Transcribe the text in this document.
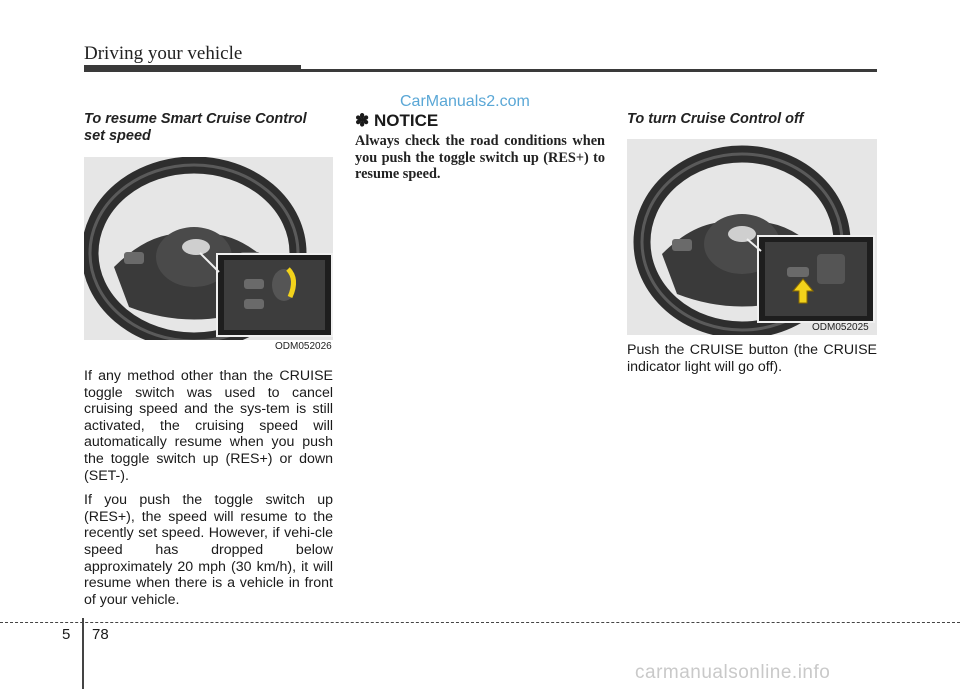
Driving your vehicle
CarManuals2.com
To resume Smart Cruise Control set speed
ODM052026

If any method other than the CRUISE toggle switch was used to cancel cruising speed and the sys-tem is still activated, the cruising speed will automatically resume when you push the toggle switch up (RES+) or down (SET-).

If you push the toggle switch up (RES+), the speed will resume to the recently set speed. However, if vehi-cle speed has dropped below approximately 20 mph (30 km/h), it will resume when there is a vehicle in front of your vehicle.

✽ NOTICE
Always check the road conditions when you push the toggle switch up (RES+) to resume speed.
To turn Cruise Control off
ODM052025

Push the CRUISE button (the CRUISE indicator light will go off).

5 78
carmanualsonline.info
